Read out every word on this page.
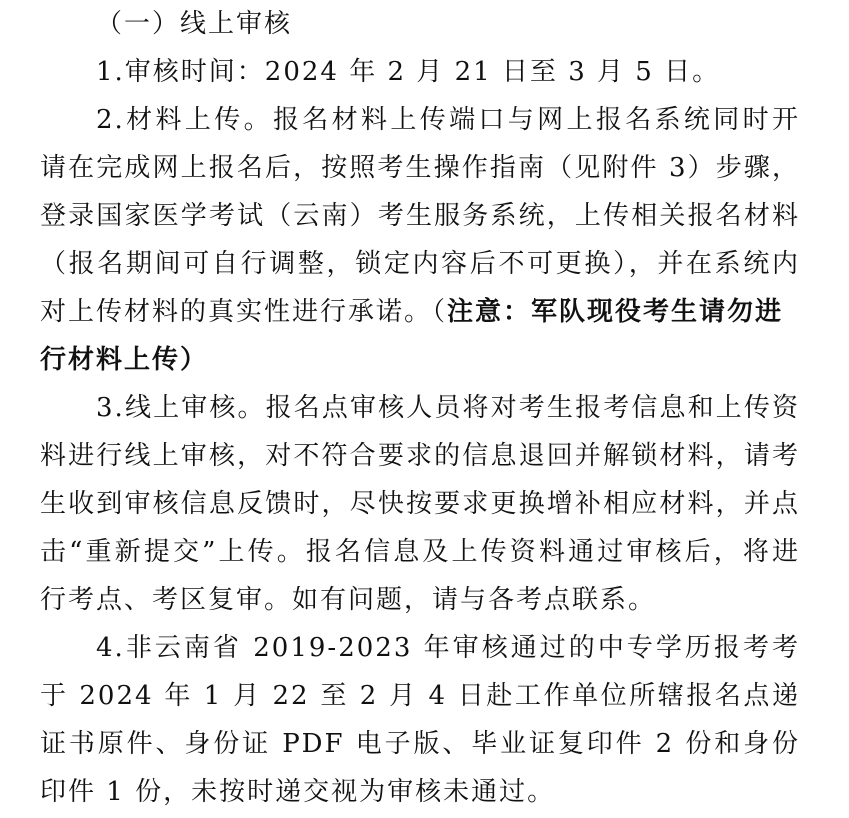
（一）线上审核
1.审核时间：2024 年 2 月 21 日至 3 月 5 日。
2.材料上传。报名材料上传端口与网上报名系统同时开
请在完成网上报名后，按照考生操作指南（见附件 3）步骤，
登录国家医学考试（云南）考生服务系统，上传相关报名材料
（报名期间可自行调整，锁定内容后不可更换），并在系统内
对上传材料的真实性进行承诺。（注意：军队现役考生请勿进
行材料上传）
3.线上审核。报名点审核人员将对考生报考信息和上传资
料进行线上审核，对不符合要求的信息退回并解锁材料，请考
生收到审核信息反馈时，尽快按要求更换增补相应材料，并点
击“重新提交”上传。报名信息及上传资料通过审核后，将进
行考点、考区复审。如有问题，请与各考点联系。
4.非云南省 2019-2023 年审核通过的中专学历报考考
于 2024 年 1 月 22 至 2 月 4 日赴工作单位所辖报名点递
证书原件、身份证 PDF 电子版、毕业证复印件 2 份和身份
印件 1 份，未按时递交视为审核未通过。
